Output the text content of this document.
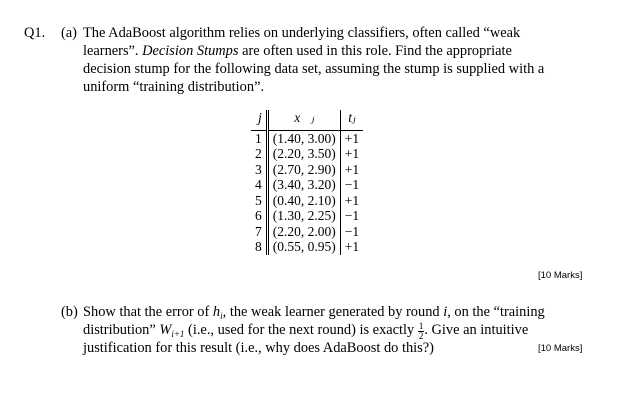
Q1. (a) The AdaBoost algorithm relies on underlying classifiers, often called “weak
learners”. Decision Stumps are often used in this role. Find the appropriate
decision stump for the following data set, assuming the stump is supplied with a
uniform “training distribution”.
j	x⃗ⱼ	tⱼ
1	(1.40, 3.00)	+1
2	(2.20, 3.50)	+1
3	(2.70, 2.90)	+1
4	(3.40, 3.20)	−1
5	(0.40, 2.10)	+1
6	(1.30, 2.25)	−1
7	(2.20, 2.00)	−1
8	(0.55, 0.95)	+1
[10 Marks]
(b) Show that the error of $h_i$, the weak learner generated by round i, on the “training
distribution” $W_{i+1}$ (i.e., used for the next round) is exactly $\frac{1}{2}$ . Give an intuitive
justification for this result (i.e., why does AdaBoost do this?)	[10 Marks]
